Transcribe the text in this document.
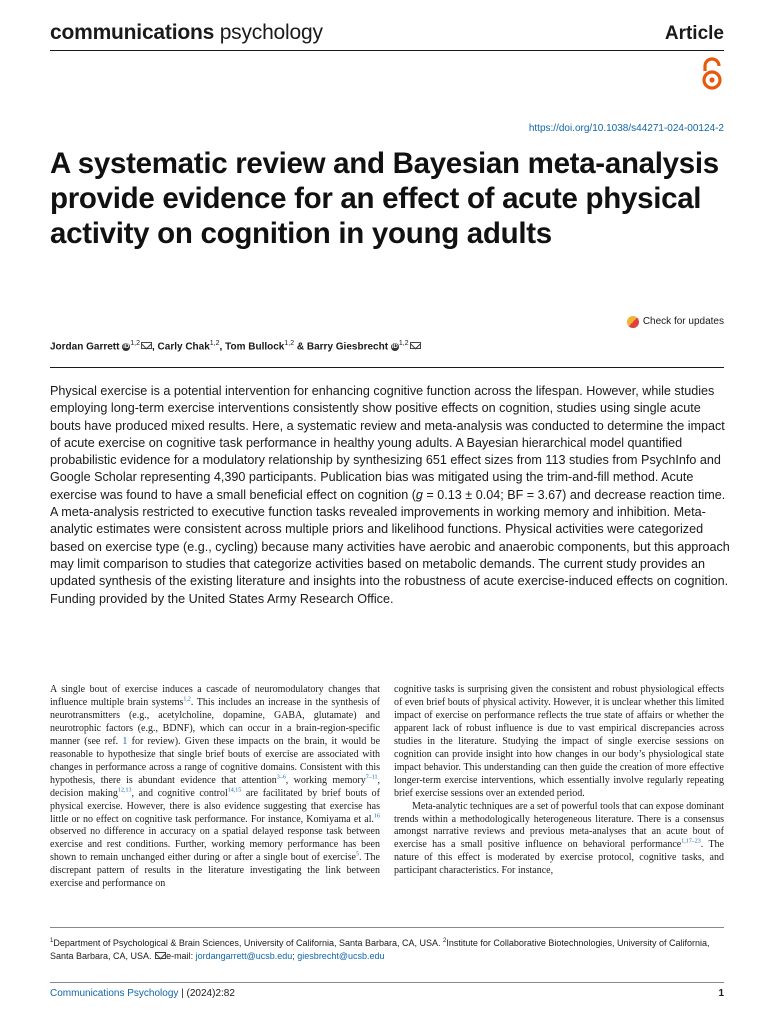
communications psychology	Article
https://doi.org/10.1038/s44271-024-00124-2
A systematic review and Bayesian meta-analysis provide evidence for an effect of acute physical activity on cognition in young adults
Check for updates
Jordan Garrett iD$^{1,2}$ , Carly Chak$^{1,2}$, Tom Bullock$^{1,2}$ & Barry Giesbrecht iD$^{1,2}$

Physical exercise is a potential intervention for enhancing cognitive function across the lifespan. However, while studies employing long-term exercise interventions consistently show positive effects on cognition, studies using single acute bouts have produced mixed results. Here, a systematic review and meta-analysis was conducted to determine the impact of acute exercise on cognitive task performance in healthy young adults. A Bayesian hierarchical model quantified probabilistic evidence for a modulatory relationship by synthesizing 651 effect sizes from 113 studies from PsychInfo and Google Scholar representing 4,390 participants. Publication bias was mitigated using the trim-and-fill method. Acute exercise was found to have a small beneficial effect on cognition (g = 0.13 ± 0.04; BF = 3.67) and decrease reaction time. A meta-analysis restricted to executive function tasks revealed improvements in working memory and inhibition. Meta-analytic estimates were consistent across multiple priors and likelihood functions. Physical activities were categorized based on exercise type (e.g., cycling) because many activities have aerobic and anaerobic components, but this approach may limit comparison to studies that categorize activities based on metabolic demands. The current study provides an updated synthesis of the existing literature and insights into the robustness of acute exercise-induced effects on cognition. Funding provided by the United States Army Research Office.

A single bout of exercise induces a cascade of neuromodulatory changes that influence multiple brain systems$^{1,2}$. This includes an increase in the synthesis of neurotransmitters (e.g., acetylcholine, dopamine, GABA, glutamate) and neurotrophic factors (e.g., BDNF), which can occur in a brain-region-specific manner (see ref. 1 for review). Given these impacts on the brain, it would be reasonable to hypothesize that single brief bouts of exercise are associated with changes in performance across a range of cognitive domains. Consistent with this hypothesis, there is abundant evidence that attention$^{3-6}$, working memory$^{7-11}$, decision making$^{12,13}$, and cognitive control$^{14,15}$ are facilitated by brief bouts of physical exercise. However, there is also evidence suggesting that exercise has little or no effect on cognitive task performance. For instance, Komiyama et al.$^{16}$ observed no difference in accuracy on a spatial delayed response task between exercise and rest conditions. Further, working memory performance has been shown to remain unchanged either during or after a single bout of exercise$^5$. The discrepant pattern of results in the literature investigating the link between exercise and performance on

cognitive tasks is surprising given the consistent and robust physiological effects of even brief bouts of physical activity. However, it is unclear whether this limited impact of exercise on performance reflects the true state of affairs or whether the apparent lack of robust influence is due to vast empirical discrepancies across studies in the literature. Studying the impact of single exercise sessions on cognition can provide insight into how changes in our body’s physiological state impact behavior. This understanding can then guide the creation of more effective longer-term exercise interventions, which essentially involve regularly repeating brief exercise sessions over an extended period.

Meta-analytic techniques are a set of powerful tools that can expose dominant trends within a methodologically heterogeneous literature. There is a consensus amongst narrative reviews and previous meta-analyses that an acute bout of exercise has a small positive influence on behavioral performance$^{1,17-23}$. The nature of this effect is moderated by exercise protocol, cognitive tasks, and participant characteristics. For instance,

$^1$Department of Psychological & Brain Sciences, University of California, Santa Barbara, CA, USA. $^2$Institute for Collaborative Biotechnologies, University of California, Santa Barbara, CA, USA. e-mail: jordangarrett@ucsb.edu; giesbrecht@ucsb.edu

Communications Psychology | (2024)2:82	1
